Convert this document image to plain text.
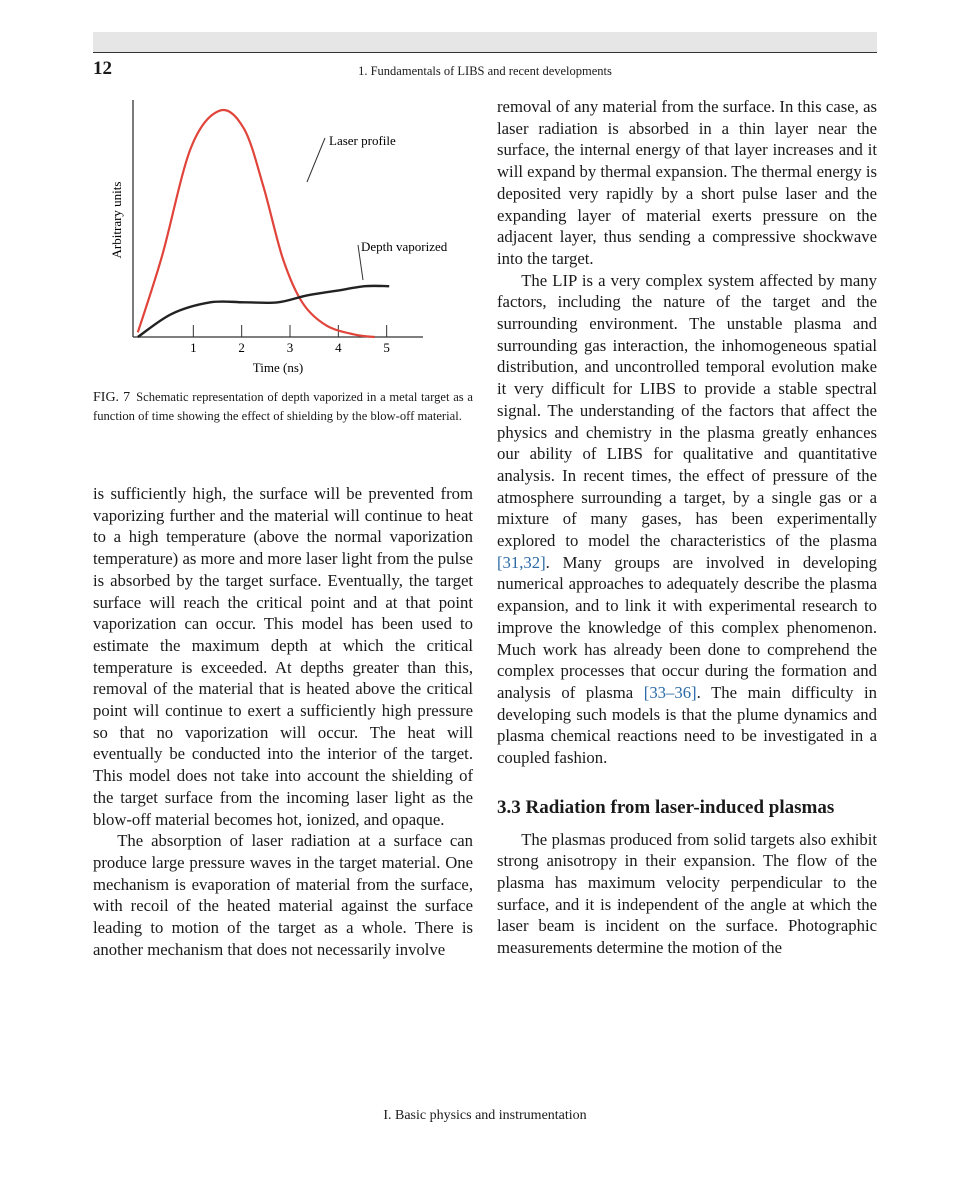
12	1. Fundamentals of LIBS and recent developments
1	2	3	4	5
Laser profile
Depth vaporized
Time (ns)
Arbitrary units
FIG. 7 Schematic representation of depth vaporized in a metal target as a function of time showing the effect of shielding by the blow-off material.

is sufficiently high, the surface will be prevented from vaporizing further and the material will continue to heat to a high temperature (above the normal vaporization temperature) as more and more laser light from the pulse is absorbed by the target surface. Eventually, the target surface will reach the critical point and at that point vaporization can occur. This model has been used to estimate the maximum depth at which the critical temperature is exceeded. At depths greater than this, removal of the material that is heated above the critical point will continue to exert a sufficiently high pressure so that no vaporization will occur. The heat will eventually be conducted into the interior of the target. This model does not take into account the shielding of the target surface from the incoming laser light as the blow-off material becomes hot, ionized, and opaque.

The absorption of laser radiation at a surface can produce large pressure waves in the target material. One mechanism is evaporation of material from the surface, with recoil of the heated material against the surface leading to motion of the target as a whole. There is another mechanism that does not necessarily involve

removal of any material from the surface. In this case, as laser radiation is absorbed in a thin layer near the surface, the internal energy of that layer increases and it will expand by thermal expansion. The thermal energy is deposited very rapidly by a short pulse laser and the expanding layer of material exerts pressure on the adjacent layer, thus sending a compressive shockwave into the target.

The LIP is a very complex system affected by many factors, including the nature of the target and the surrounding environment. The unstable plasma and surrounding gas interaction, the inhomogeneous spatial distribution, and uncontrolled temporal evolution make it very difficult for LIBS to provide a stable spectral signal. The understanding of the factors that affect the physics and chemistry in the plasma greatly enhances our ability of LIBS for qualitative and quantitative analysis. In recent times, the effect of pressure of the atmosphere surrounding a target, by a single gas or a mixture of many gases, has been experimentally explored to model the characteristics of the plasma [31,32]. Many groups are involved in developing numerical approaches to adequately describe the plasma expansion, and to link it with experimental research to improve the knowledge of this complex phenomenon. Much work has already been done to comprehend the complex processes that occur during the formation and analysis of plasma [33–36]. The main difficulty in developing such models is that the plume dynamics and plasma chemical reactions need to be investigated in a coupled fashion.

3.3 Radiation from laser-induced plasmas

The plasmas produced from solid targets also exhibit strong anisotropy in their expansion. The flow of the plasma has maximum velocity perpendicular to the surface, and it is independent of the angle at which the laser beam is incident on the surface. Photographic measurements determine the motion of the

I. Basic physics and instrumentation
